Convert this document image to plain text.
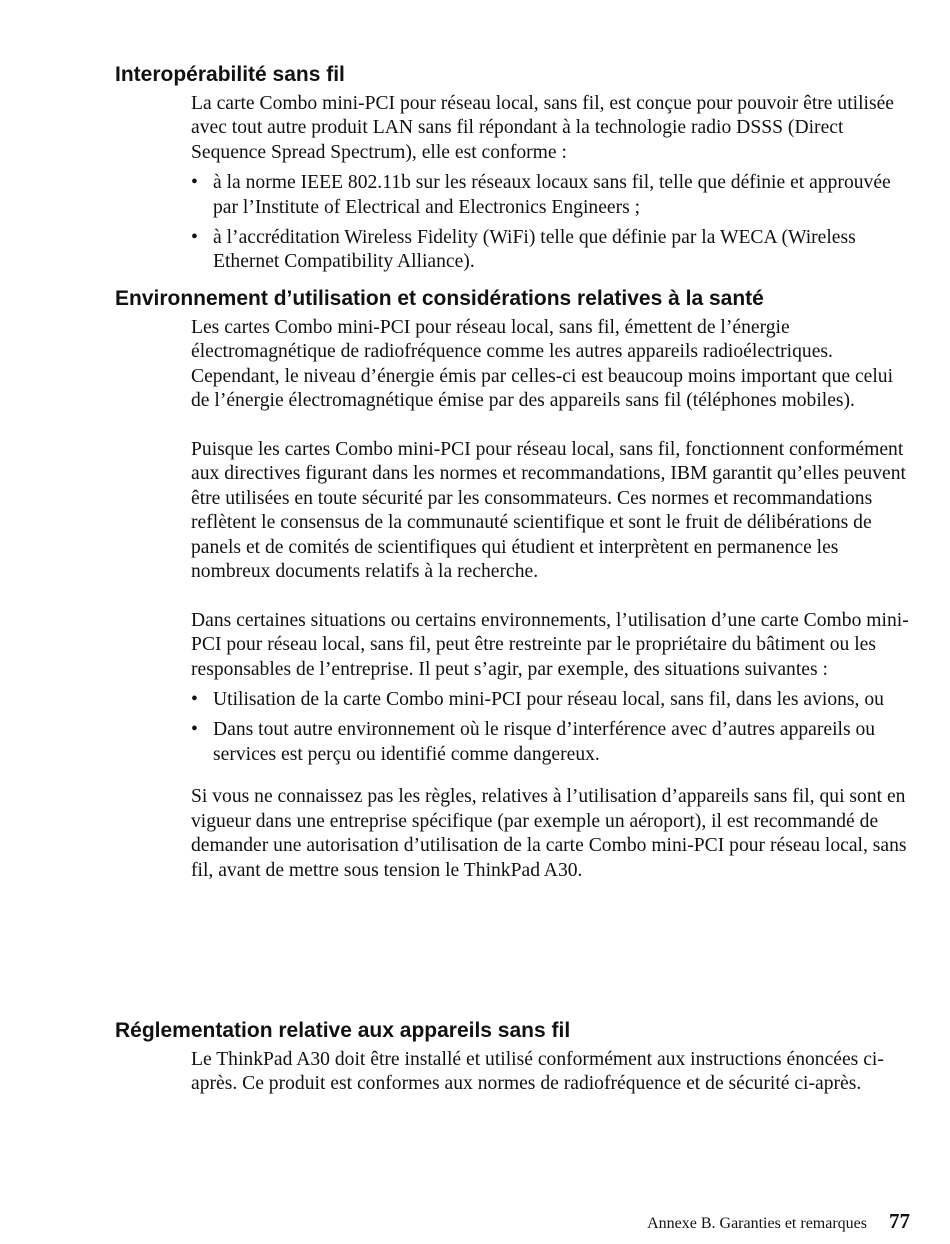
Interopérabilité sans fil

La carte Combo mini-PCI pour réseau local, sans fil, est conçue pour pouvoir être utilisée avec tout autre produit LAN sans fil répondant à la technologie radio DSSS (Direct Sequence Spread Spectrum), elle est conforme :

• à la norme IEEE 802.11b sur les réseaux locaux sans fil, telle que définie et approuvée par l’Institute of Electrical and Electronics Engineers ;
• à l’accréditation Wireless Fidelity (WiFi) telle que définie par la WECA (Wireless Ethernet Compatibility Alliance).
Environnement d’utilisation et considérations relatives à la santé

Les cartes Combo mini-PCI pour réseau local, sans fil, émettent de l’énergie électromagnétique de radiofréquence comme les autres appareils radioélectriques. Cependant, le niveau d’énergie émis par celles-ci est beaucoup moins important que celui de l’énergie électromagnétique émise par des appareils sans fil (téléphones mobiles).

Puisque les cartes Combo mini-PCI pour réseau local, sans fil, fonctionnent conformément aux directives figurant dans les normes et recommandations, IBM garantit qu’elles peuvent être utilisées en toute sécurité par les consommateurs. Ces normes et recommandations reflètent le consensus de la communauté scientifique et sont le fruit de délibérations de panels et de comités de scientifiques qui étudient et interprètent en permanence les nombreux documents relatifs à la recherche.

Dans certaines situations ou certains environnements, l’utilisation d’une carte Combo mini-PCI pour réseau local, sans fil, peut être restreinte par le propriétaire du bâtiment ou les responsables de l’entreprise. Il peut s’agir, par exemple, des situations suivantes :

• Utilisation de la carte Combo mini-PCI pour réseau local, sans fil, dans les avions, ou
• Dans tout autre environnement où le risque d’interférence avec d’autres appareils ou services est perçu ou identifié comme dangereux.

Si vous ne connaissez pas les règles, relatives à l’utilisation d’appareils sans fil, qui sont en vigueur dans une entreprise spécifique (par exemple un aéroport), il est recommandé de demander une autorisation d’utilisation de la carte Combo mini-PCI pour réseau local, sans fil, avant de mettre sous tension le ThinkPad A30.

Réglementation relative aux appareils sans fil

Le ThinkPad A30 doit être installé et utilisé conformément aux instructions énoncées ci-après. Ce produit est conformes aux normes de radiofréquence et de sécurité ci-après.

Annexe B. Garanties et remarques 77
